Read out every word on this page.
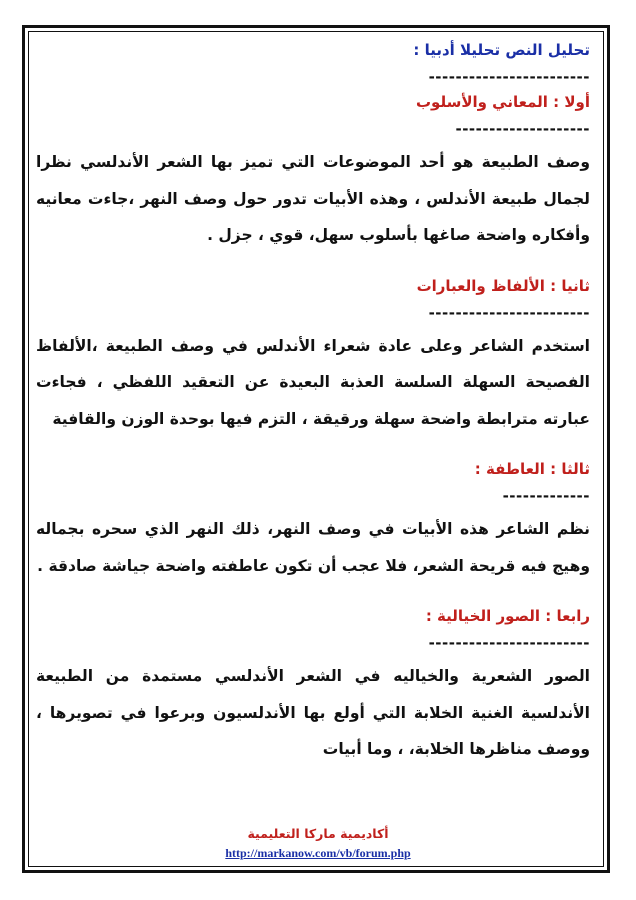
تحليل النص تحليلا أدبيا :

------------------------

أولا : المعاني والأسلوب

--------------------

وصف الطبيعة هو أحد الموضوعات التي تميز بها الشعر الأندلسي نظرا لجمال طبيعة الأندلس ، وهذه الأبيات تدور حول وصف النهر ،جاءت معانيه وأفكاره واضحة صاغها بأسلوب سهل، قوي ، جزل .

ثانيا : الألفاظ والعبارات

------------------------

استخدم الشاعر وعلى عادة شعراء الأندلس في وصف الطبيعة ،الألفاظ الفصيحة السهلة السلسة العذبة البعيدة عن التعقيد اللفظي ، فجاءت عبارته مترابطة واضحة سهلة ورقيقة ، التزم فيها بوحدة الوزن والقافية

ثالثا : العاطفة :

-------------

نظم الشاعر هذه الأبيات في وصف النهر، ذلك النهر الذي سحره بجماله وهيج فيه قريحة الشعر، فلا عجب أن تكون عاطفته واضحة جياشة صادقة .

رابعا : الصور الخيالية :

------------------------

الصور الشعرية والخياليه في الشعر الأندلسي مستمدة من الطبيعة الأندلسية الغنية الخلابة التي أولع بها الأندلسيون وبرعوا في تصويرها ، ووصف مناظرها الخلابة، ، وما أبيات

أكاديمية ماركا التعليمية
http://markanow.com/vb/forum.php
